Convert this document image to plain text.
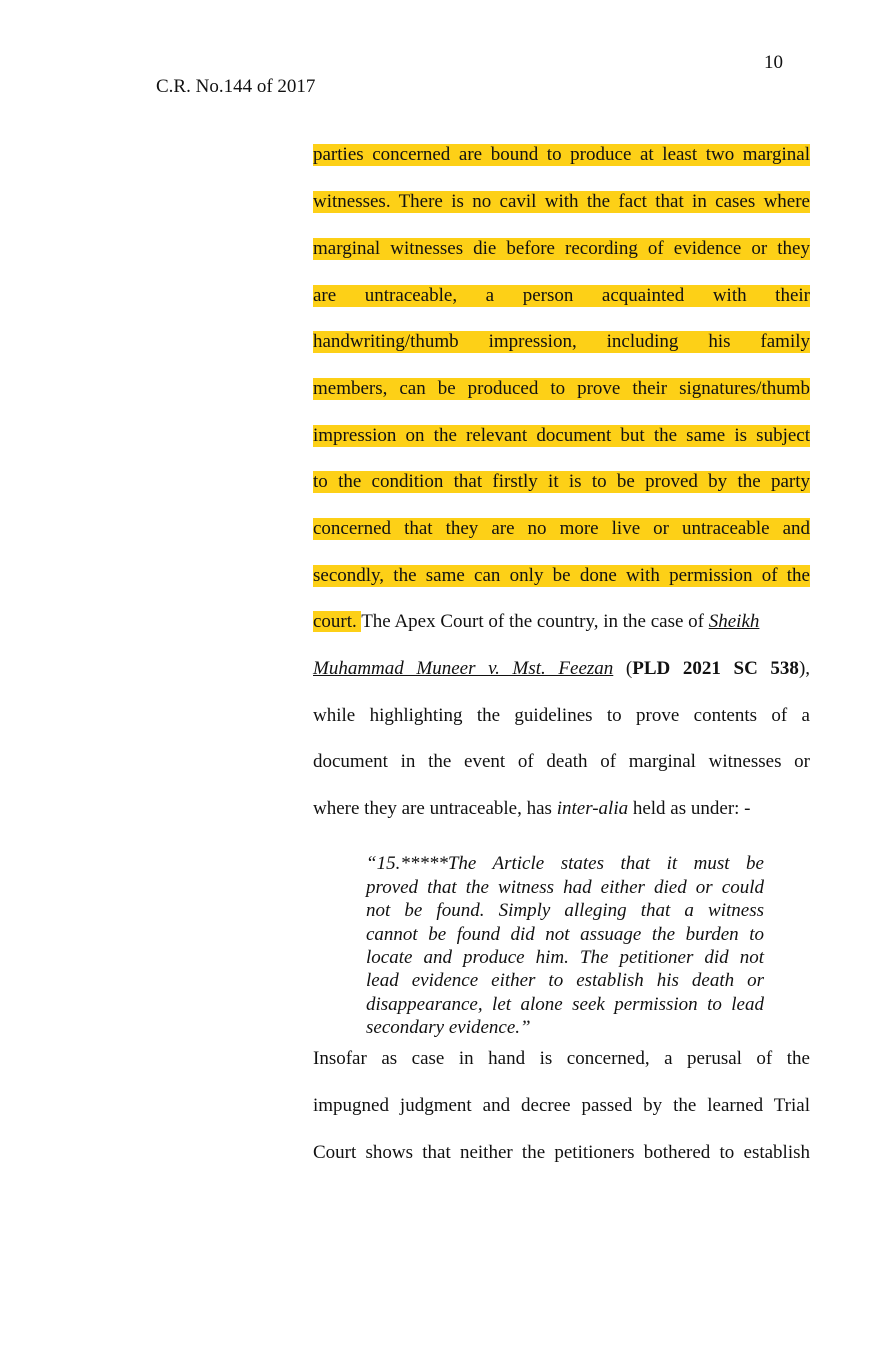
10
C.R. No.144 of 2017
parties concerned are bound to produce at least two marginal
witnesses. There is no cavil with the fact that in cases where
marginal witnesses die before recording of evidence or they
are untraceable, a person acquainted with their
handwriting/thumb impression, including his family
members, can be produced to prove their signatures/thumb
impression on the relevant document but the same is subject
to the condition that firstly it is to be proved by the party
concerned that they are no more live or untraceable and
secondly, the same can only be done with permission of the
court. The Apex Court of the country, in the case of Sheikh
Muhammad Muneer v. Mst. Feezan (PLD 2021 SC 538),
while highlighting the guidelines to prove contents of a
document in the event of death of marginal witnesses or
where they are untraceable, has inter-alia held as under: -
“15.*****The Article states that it must be
proved that the witness had either died or could
not be found. Simply alleging that a witness
cannot be found did not assuage the burden to
locate and produce him. The petitioner did not
lead evidence either to establish his death or
disappearance, let alone seek permission to lead
secondary evidence.”
Insofar as case in hand is concerned, a perusal of the
impugned judgment and decree passed by the learned Trial
Court shows that neither the petitioners bothered to establish
